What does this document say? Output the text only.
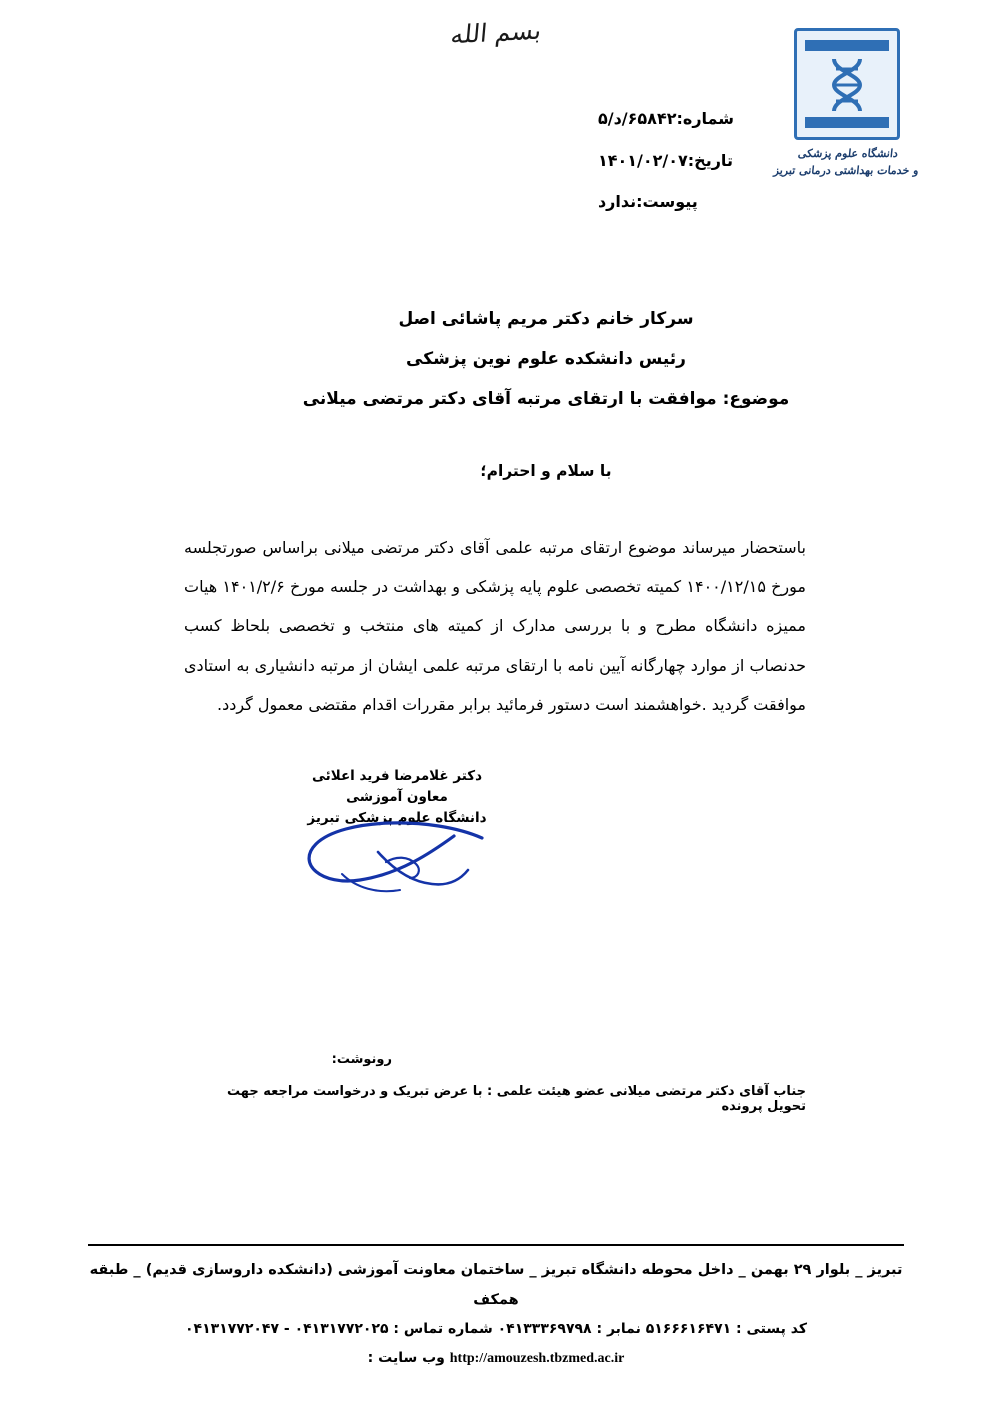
بسم الله
دانشگاه علوم پزشکی
و خدمات بهداشتی درمانی تبریز
شماره:۶۵۸۴۲/د/۵
تاریخ:۱۴۰۱/۰۲/۰۷
پیوست:ندارد
سرکار خانم دکتر مریم پاشائی اصل
رئیس دانشکده علوم نوین پزشکی
موضوع: موافقت با ارتقای مرتبه آقای دکتر مرتضی میلانی
با سلام و احترام؛
باستحضار میرساند موضوع ارتقای مرتبه علمی آقای دکتر مرتضی میلانی براساس صورتجلسه مورخ ۱۴۰۰/۱۲/۱۵ کمیته تخصصی علوم پایه پزشکی و بهداشت در جلسه مورخ ۱۴۰۱/۲/۶ هیات ممیزه دانشگاه مطرح و با بررسی مدارک از کمیته های منتخب و تخصصی بلحاظ کسب حدنصاب از موارد چهارگانه آیین نامه با ارتقای مرتبه علمی ایشان از مرتبه دانشیاری به استادی موافقت گردید .خواهشمند است دستور فرمائید برابر مقررات اقدام مقتضی معمول گردد.
دکتر غلامرضا فرید اعلائی
معاون آموزشی
دانشگاه علوم پزشکی تبریز
رونوشت:
جناب آقای دکتر مرتضی میلانی عضو هیئت علمی : با عرض تبریک و درخواست مراجعه جهت تحویل پرونده
تبریز _ بلوار ۲۹ بهمن _ داخل محوطه دانشگاه تبریز _ ساختمان معاونت آموزشی (دانشکده داروسازی قدیم) _ طبقه همکف
کد پستی : ۵۱۶۶۶۱۶۴۷۱ نمابر : ۰۴۱۳۳۳۶۹۷۹۸ شماره تماس : ۰۴۱۳۱۷۷۲۰۲۵ - ۰۴۱۳۱۷۷۲۰۴۷
http://amouzesh.tbzmed.ac.ir وب سایت :
